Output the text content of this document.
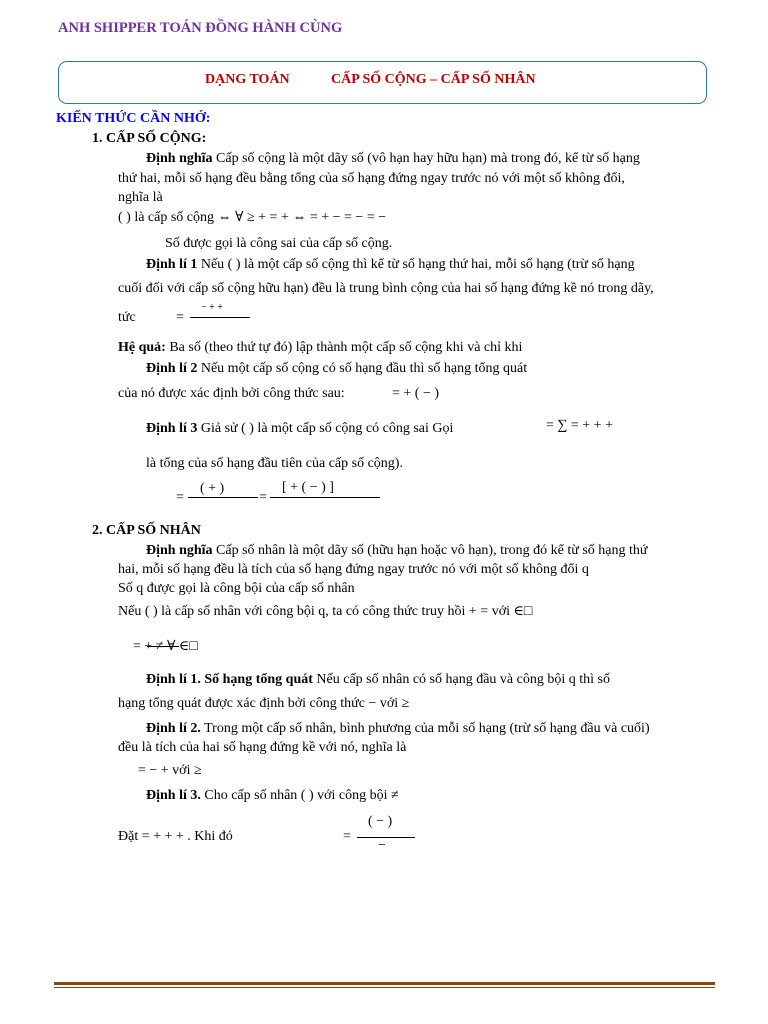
ANH SHIPPER TOÁN ĐỒNG HÀNH CÙNG
DẠNG TOÁN	CẤP SỐ CỘNG – CẤP SỐ NHÂN
KIẾN THỨC CẦN NHỚ:
1. CẤP SỐ CỘNG:
Định nghĩa Cấp số cộng là một dãy số (vô hạn hay hữu hạn) mà trong đó, kể từ số hạng
thứ hai, mỗi số hạng đều bằng tổng của số hạng đứng ngay trước nó với một số không đổi,
nghĩa là
( ) là cấp số cộng ⇔ ∀ ≥ + = + ⇔ = + − = − = −
Số được gọi là công sai của cấp số cộng.
Định lí 1 Nếu ( ) là một cấp số cộng thì kể từ số hạng thứ hai, mỗi số hạng (trừ số hạng
cuối đối với cấp số cộng hữu hạn) đều là trung bình cộng của hai số hạng đứng kề nó trong dãy,
tức	=
− + +
Hệ quả: Ba số (theo thứ tự đó) lập thành một cấp số cộng khi và chỉ khi
Định lí 2 Nếu một cấp số cộng có số hạng đầu thì số hạng tổng quát
của nó được xác định bởi công thức sau:	= + ( − )
Định lí 3 Giả sử ( ) là một cấp số cộng có công sai Gọi	= ∑ = + + +
là tổng của số hạng đầu tiên của cấp số cộng).
=
( + )
=
[ + ( − ) ]
2. CẤP SỐ NHÂN
Định nghĩa Cấp số nhân là một dãy số (hữu hạn hoặc vô hạn), trong đó kể từ số hạng thứ
hai, mỗi số hạng đều là tích của số hạng đứng ngay trước nó với một số không đổi q
Số q được gọi là công bội của cấp số nhân
Nếu ( ) là cấp số nhân với công bội q, ta có công thức truy hồi + = với ∈□
= + ≠ ∀ ∈□
Định lí 1. Số hạng tổng quát Nếu cấp số nhân có số hạng đầu và công bội q thì số
hạng tổng quát được xác định bởi công thức − với ≥
Định lí 2. Trong một cấp số nhân, bình phương của mỗi số hạng (trừ số hạng đầu và cuối)
đều là tích của hai số hạng đứng kề với nó, nghĩa là
= − + với ≥
Định lí 3. Cho cấp số nhân ( ) với công bội ≠
Đặt = + + + . Khi đó	=
( − )
−
